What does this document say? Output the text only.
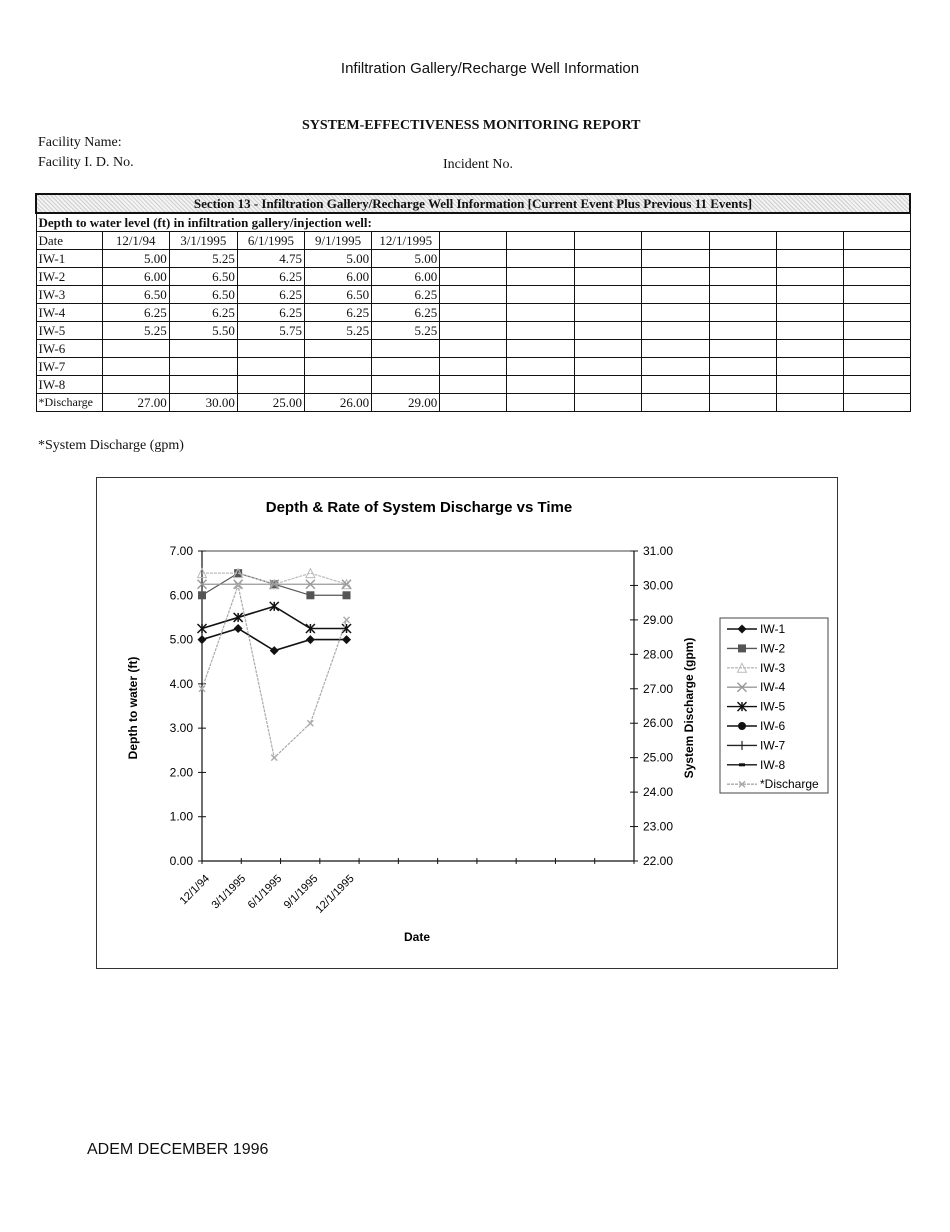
Infiltration Gallery/Recharge Well Information
SYSTEM-EFFECTIVENESS MONITORING REPORT
Facility Name:
Facility I. D. No.	Incident No.
Section 13 - Infiltration Gallery/Recharge Well Information [Current Event Plus Previous 11 Events]												
Depth to water level (ft) in infiltration gallery/injection well:												
Date	12/1/94	3/1/1995	6/1/1995	9/1/1995	12/1/1995							
IW-1	5.00	5.25	4.75	5.00	5.00							
IW-2	6.00	6.50	6.25	6.00	6.00							
IW-3	6.50	6.50	6.25	6.50	6.25							
IW-4	6.25	6.25	6.25	6.25	6.25							
IW-5	5.25	5.50	5.75	5.25	5.25							
IW-6												
IW-7												
IW-8												
*Discharge	27.00	30.00	25.00	26.00	29.00							
*System Discharge (gpm)
Depth & Rate of System Discharge vs Time
0.00
1.00
2.00
3.00
4.00
5.00
6.00
7.00
22.00
23.00
24.00
25.00
26.00
27.00
28.00
29.00
30.00
31.00
12/1/94
3/1/1995
6/1/1995
9/1/1995
12/1/1995
Date
Depth to water (ft)	System Discharge (gpm)
IW-1
IW-2
IW-3
IW-4
IW-5
IW-6
IW-7
IW-8
*Discharge
ADEM DECEMBER 1996
